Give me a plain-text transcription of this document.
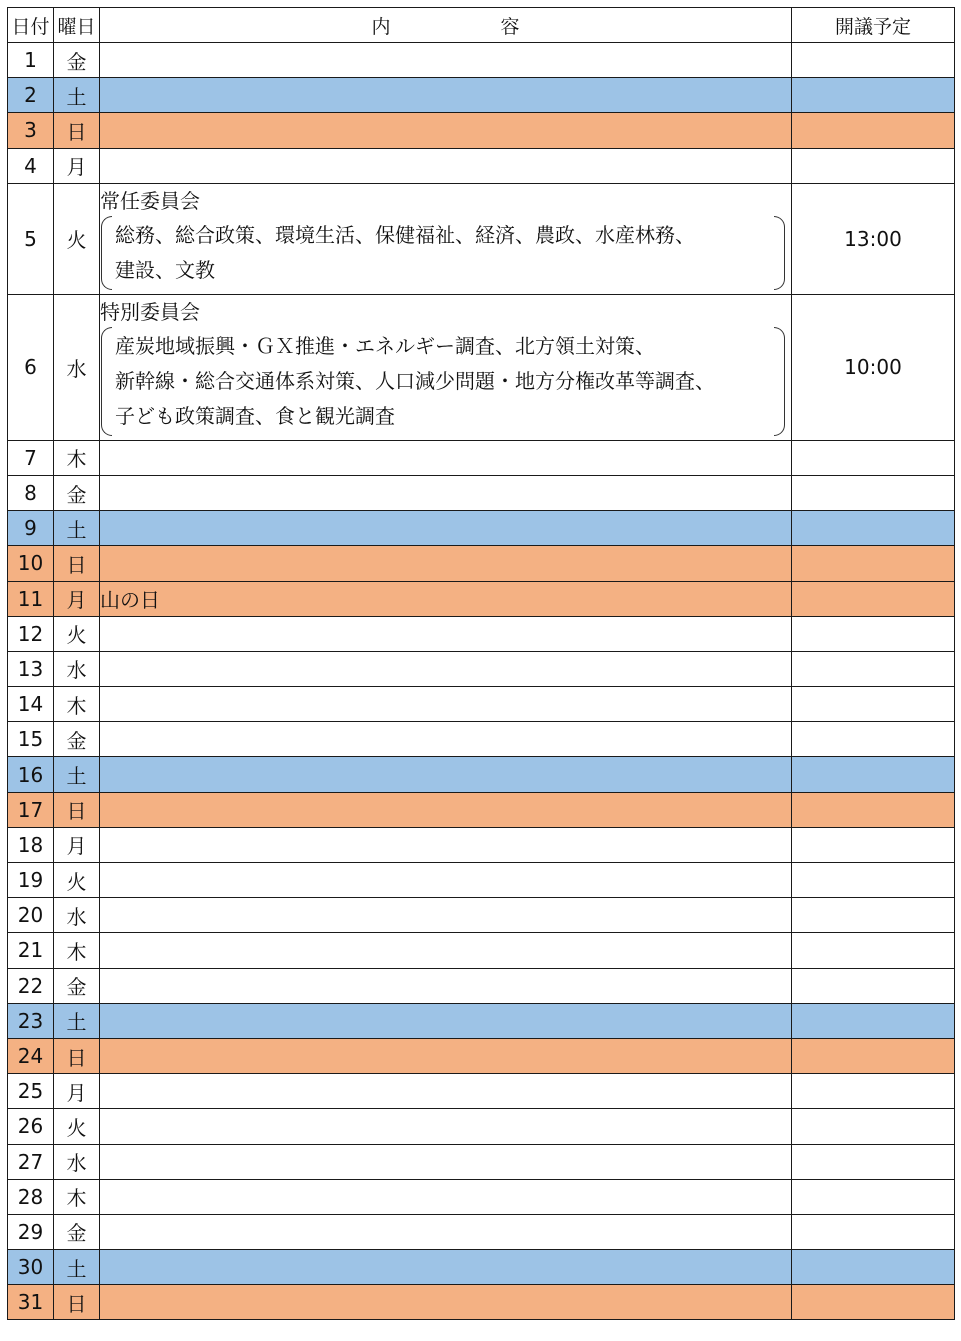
日付	曜日	内 容	開議予定
1	金		
2	土		
3	日		
4	月		
5	火	常任委員会
総務、総合政策、環境生活、保健福祉、経済、農政、水産林務、
建設、文教	13:00
6	水	特別委員会
産炭地域振興・ＧＸ推進・エネルギー調査、北方領土対策、
新幹線・総合交通体系対策、人口減少問題・地方分権改革等調査、
子ども政策調査、食と観光調査	10:00
7	木		
8	金		
9	土		
10	日		
11	月	山の日	
12	火		
13	水		
14	木		
15	金		
16	土		
17	日		
18	月		
19	火		
20	水		
21	木		
22	金		
23	土		
24	日		
25	月		
26	火		
27	水		
28	木		
29	金		
30	土		
31	日		
